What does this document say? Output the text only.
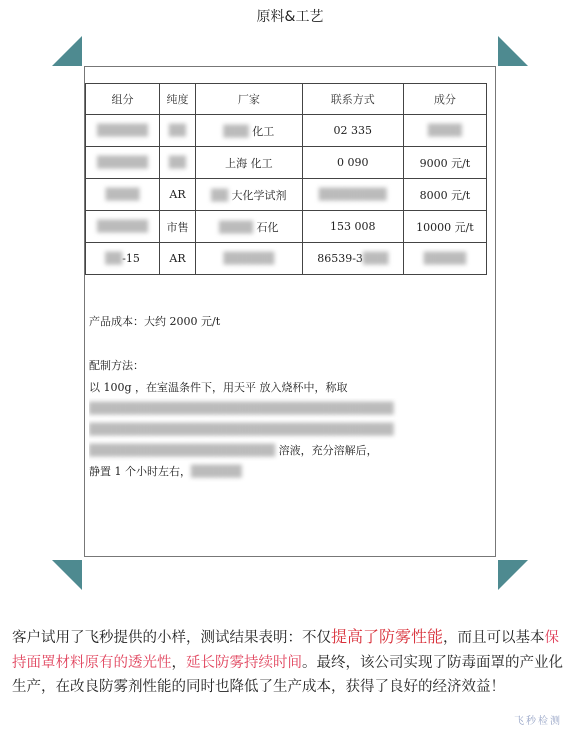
原料&工艺
组分	纯度	厂家	联系方式	成分
██████	██	███ 化工	02 335	████
██████	██	上海 化工	0 090	9000 元/t
████	AR	██ 大化学试剂	████████	8000 元/t
██████	市售	████ 石化	153 008	10000 元/t
██-15	AR	██████	86539-3███	█████
产品成本：大约 2000 元/t
配制方法：
以 100g ，在室温条件下，用天平 放入烧杯中，称取
████████████████████████████████████
████████████████████████████████████
██████████████████████ 溶液，充分溶解后，
静置 1 个小时左右，██████
客户试用了飞秒提供的小样，测试结果表明：不仅提高了防雾性能，而且可以基本保持面罩材料原有的透光性，延长防雾持续时间。最终，该公司实现了防毒面罩的产业化生产，在改良防雾剂性能的同时也降低了生产成本，获得了良好的经济效益！
飞秒检测
